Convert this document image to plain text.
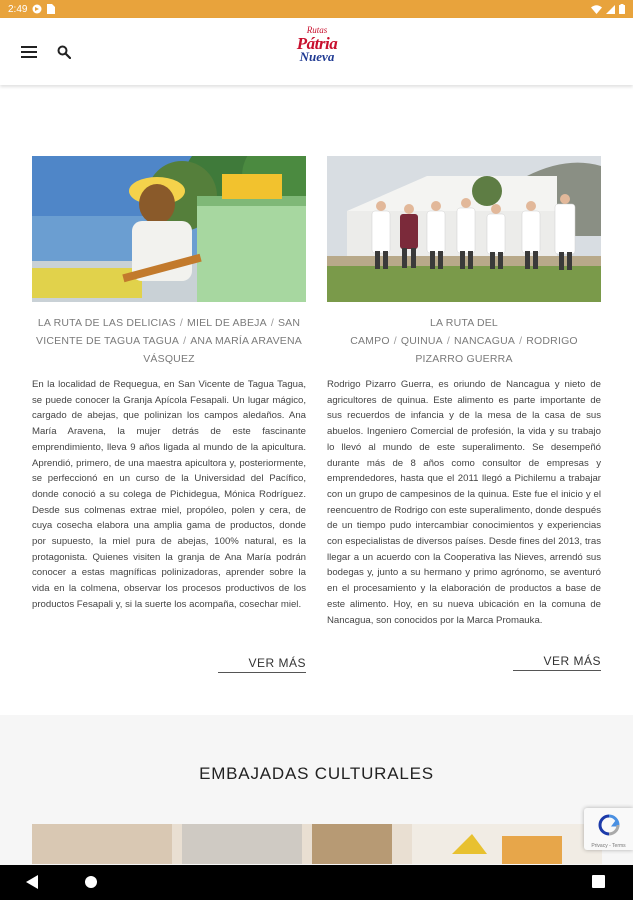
2:49
Rutas
Pátria
Nueva
LA RUTA DE LAS DELICIAS / MIEL DE ABEJA / SAN VICENTE DE TAGUA TAGUA / ANA MARÍA ARAVENA VÁSQUEZ
En la localidad de Requegua, en San Vicente de Tagua Tagua, se puede conocer la Granja Apícola Fesapali. Un lugar mágico, cargado de abejas, que polinizan los campos aledaños. Ana María Aravena, la mujer detrás de este fascinante emprendimiento, lleva 9 años ligada al mundo de la apicultura. Aprendió, primero, de una maestra apicultora y, posteriormente, se perfeccionó en un curso de la Universidad del Pacífico, donde conoció a su colega de Pichidegua, Mónica Rodríguez. Desde sus colmenas extrae miel, propóleo, polen y cera, de cuya cosecha elabora una amplia gama de productos, donde por supuesto, la miel pura de abejas, 100% natural, es la protagonista. Quienes visiten la granja de Ana María podrán conocer a estas magníficas polinizadoras, aprender sobre la vida en la colmena, observar los procesos productivos de los productos Fesapali y, si la suerte los acompaña, cosechar miel.
VER MÁS
LA RUTA DEL CAMPO / QUINUA / NANCAGUA / RODRIGO PIZARRO GUERRA
Rodrigo Pizarro Guerra, es oriundo de Nancagua y nieto de agricultores de quinua. Este alimento es parte importante de sus recuerdos de infancia y de la mesa de la casa de sus abuelos. Ingeniero Comercial de profesión, la vida y su trabajo lo llevó al mundo de este superalimento. Se desempeñó durante más de 8 años como consultor de empresas y emprendedores, hasta que el 2011 llegó a Pichilemu a trabajar con un grupo de campesinos de la quinua. Este fue el inicio y el reencuentro de Rodrigo con este superalimento, donde después de un tiempo pudo intercambiar conocimientos y experiencias con especialistas de diversos países. Desde fines del 2013, tras llegar a un acuerdo con la Cooperativa las Nieves, arrendó sus bodegas y, junto a su hermano y primo agrónomo, se aventuró en el procesamiento y la elaboración de productos a base de este alimento. Hoy, en su nueva ubicación en la comuna de Nancagua, son conocidos por la Marca Promauka.
VER MÁS
EMBAJADAS CULTURALES
Privacy - Terms
